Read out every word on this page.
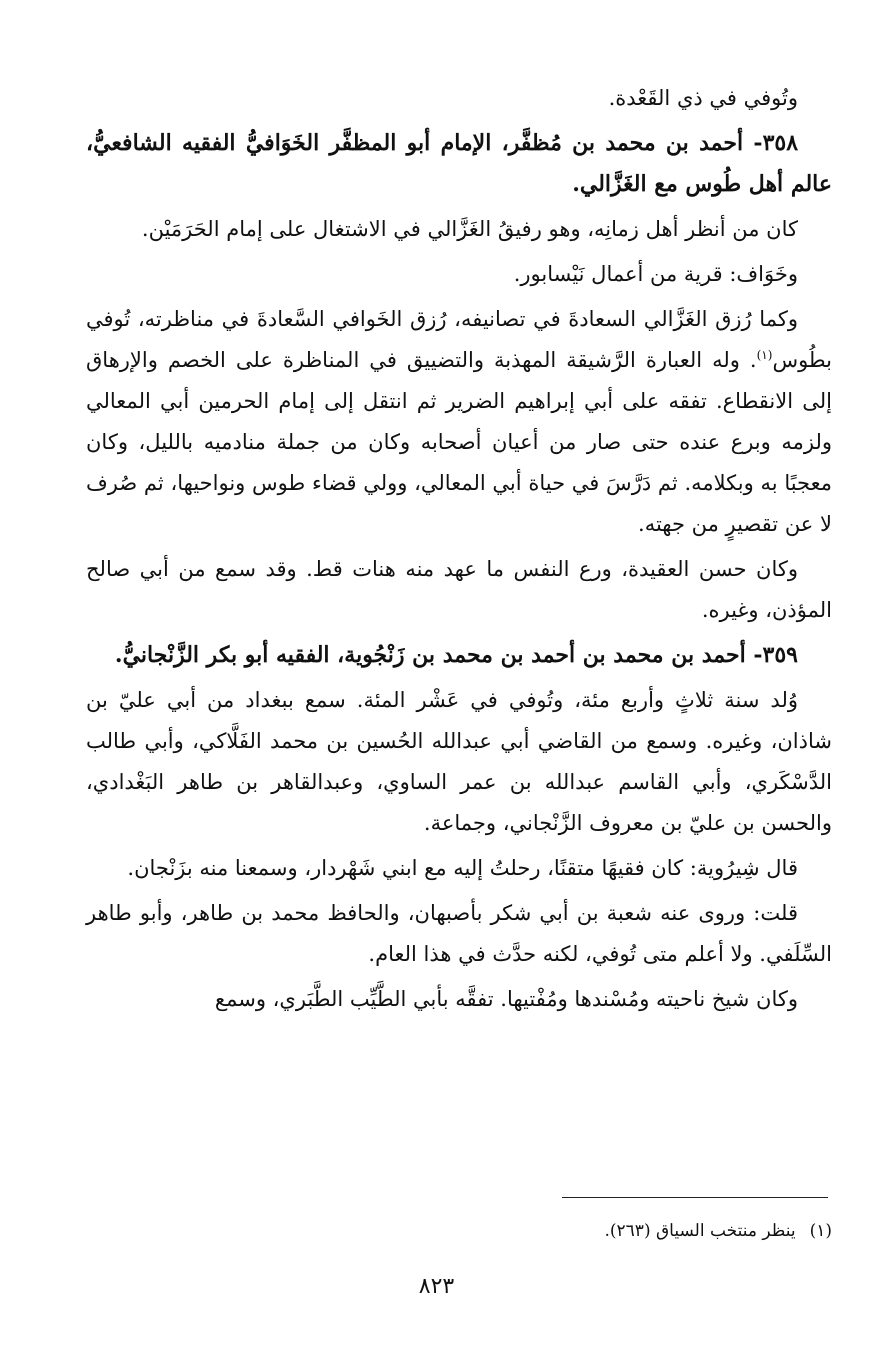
وتُوفي في ذي القَعْدة.

٣٥٨- أحمد بن محمد بن مُظفَّر، الإمام أبو المظفَّر الخَوَافيُّ الفقيه الشافعيُّ، عالم أهل طُوس مع الغَزَّالي.

كان من أنظر أهل زمانِه، وهو رفيقُ الغَزَّالي في الاشتغال على إمام الحَرَمَيْن.

وخَوَاف: قرية من أعمال نَيْسابور.

وكما رُزق الغَزَّالي السعادةَ في تصانيفه، رُزق الخَوافي السَّعادةَ في مناظرته، تُوفي بطُوس$^{(١)}$. وله العبارة الرَّشيقة المهذبة والتضييق في المناظرة على الخصم والإرهاق إلى الانقطاع. تفقه على أبي إبراهيم الضرير ثم انتقل إلى إمام الحرمين أبي المعالي ولزمه وبرع عنده حتى صار من أعيان أصحابه وكان من جملة منادميه بالليل، وكان معجبًا به وبكلامه. ثم دَرَّسَ في حياة أبي المعالي، وولي قضاء طوس ونواحيها، ثم صُرف لا عن تقصيرٍ من جهته.

وكان حسن العقيدة، ورع النفس ما عهد منه هنات قط. وقد سمع من أبي صالح المؤذن، وغيره.

٣٥٩- أحمد بن محمد بن أحمد بن محمد بن زَنْجُوية، الفقيه أبو بكر الزَّنْجانيُّ.

وُلد سنة ثلاثٍ وأربع مئة، وتُوفي في عَشْر المئة. سمع ببغداد من أبي عليّ بن شاذان، وغيره. وسمع من القاضي أبي عبدالله الحُسين بن محمد الفَلَّاكي، وأبي طالب الدَّسْكَري، وأبي القاسم عبدالله بن عمر الساوي، وعبدالقاهر بن طاهر البَغْدادي، والحسن بن عليّ بن معروف الزَّنْجاني، وجماعة.

قال شِيرُوية: كان فقيهًا متقنًا، رحلتُ إليه مع ابني شَهْردار، وسمعنا منه بزَنْجان.

قلت: وروى عنه شعبة بن أبي شكر بأصبهان، والحافظ محمد بن طاهر، وأبو طاهر السِّلَفي. ولا أعلم متى تُوفي، لكنه حدَّث في هذا العام.

وكان شيخ ناحيته ومُسْندها ومُفْتيها. تفقَّه بأبي الطَّيِّب الطَّبَري، وسمع

(١)ينظر منتخب السياق (٢٦٣).
٨٢٣
